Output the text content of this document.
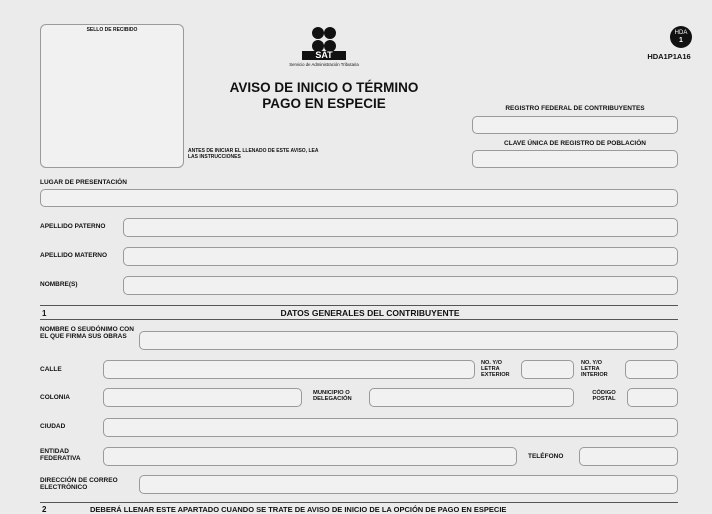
SELLO DE RECIBIDO
SAT
Servicio de Administración Tributaria
HDA
1
HDA1P1A16
AVISO DE INICIO O TÉRMINO
PAGO EN ESPECIE
ANTES DE INICIAR EL LLENADO DE ESTE AVISO, LEA LAS INSTRUCCIONES
REGISTRO FEDERAL DE CONTRIBUYENTES
CLAVE ÚNICA DE REGISTRO DE POBLACIÓN
LUGAR DE PRESENTACIÓN
APELLIDO PATERNO
APELLIDO MATERNO
NOMBRE(S)
1	DATOS GENERALES DEL CONTRIBUYENTE
NOMBRE O SEUDÓNIMO CON EL QUE FIRMA SUS OBRAS
CALLE
NO. Y/O LETRA EXTERIOR
NO. Y/O LETRA INTERIOR
COLONIA
MUNICIPIO O DELEGACIÓN
CÓDIGO POSTAL
CIUDAD
ENTIDAD FEDERATIVA	TELÉFONO
DIRECCIÓN DE CORREO ELECTRÓNICO
2	DEBERÁ LLENAR ESTE APARTADO CUANDO SE TRATE DE AVISO DE INICIO DE LA OPCIÓN DE PAGO EN ESPECIE
